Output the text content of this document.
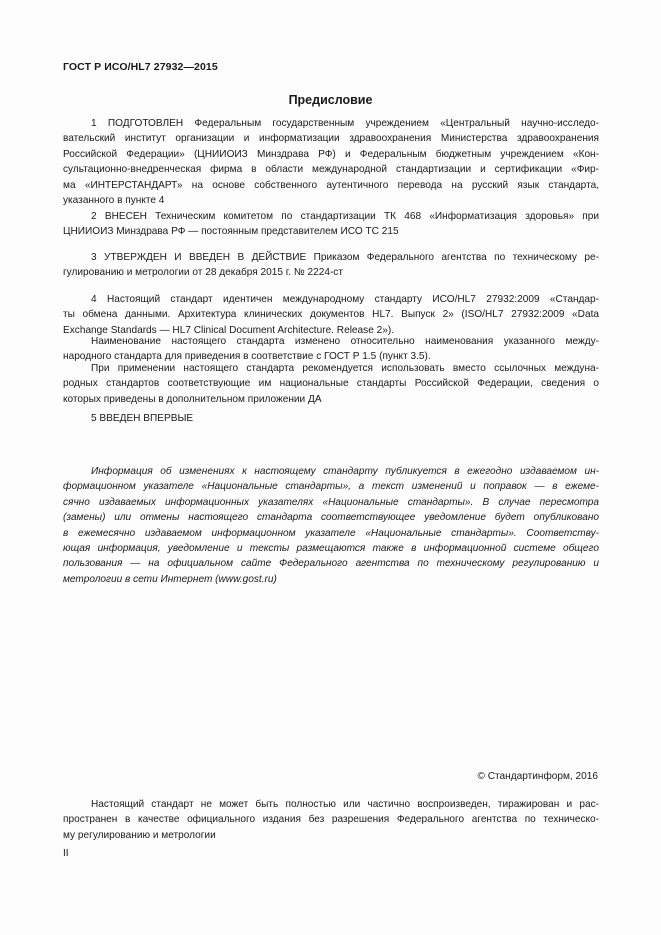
ГОСТ Р ИСО/HL7 27932—2015
Предисловие
1 ПОДГОТОВЛЕН Федеральным государственным учреждением «Центральный научно-исследо-
вательский институт организации и информатизации здравоохранения Министерства здравоохранения
Российской Федерации» (ЦНИИОИЗ Минздрава РФ) и Федеральным бюджетным учреждением «Кон-
сультационно-внедренческая фирма в области международной стандартизации и сертификации «Фир-
ма «ИНТЕРСТАНДАРТ» на основе собственного аутентичного перевода на русский язык стандарта,
указанного в пункте 4
2 ВНЕСЕН Техническим комитетом по стандартизации ТК 468 «Информатизация здоровья» при
ЦНИИОИЗ Минздрава РФ — постоянным представителем ИСО ТС 215
3 УТВЕРЖДЕН И ВВЕДЕН В ДЕЙСТВИЕ Приказом Федерального агентства по техническому ре-
гулированию и метрологии от 28 декабря 2015 г. № 2224-ст
4 Настоящий стандарт идентичен международному стандарту ИСО/HL7 27932:2009 «Стандар-
ты обмена данными. Архитектура клинических документов HL7. Выпуск 2» (ISO/HL7 27932:2009 «Data
Exchange Standards — HL7 Clinical Document Architecture. Release 2»).
Наименование настоящего стандарта изменено относительно наименования указанного между-
народного стандарта для приведения в соответствие с ГОСТ Р 1.5 (пункт 3.5).
При применении настоящего стандарта рекомендуется использовать вместо ссылочных междуна-
родных стандартов соответствующие им национальные стандарты Российской Федерации, сведения о
которых приведены в дополнительном приложении ДА
5 ВВЕДЕН ВПЕРВЫЕ
Информация об изменениях к настоящему стандарту публикуется в ежегодно издаваемом ин-
формационном указателе «Национальные стандарты», а текст изменений и поправок — в ежеме-
сячно издаваемых информационных указателях «Национальные стандарты». В случае пересмотра
(замены) или отмены настоящего стандарта соответствующее уведомление будет опубликовано
в ежемесячно издаваемом информационном указателе «Национальные стандарты». Соответству-
ющая информация, уведомление и тексты размещаются также в информационной системе общего
пользования — на официальном сайте Федерального агентства по техническому регулированию и
метрологии в сети Интернет (www.gost.ru)
© Стандартинформ, 2016
Настоящий стандарт не может быть полностью или частично воспроизведен, тиражирован и рас-
пространен в качестве официального издания без разрешения Федерального агентства по техническо-
му регулированию и метрологии
II
